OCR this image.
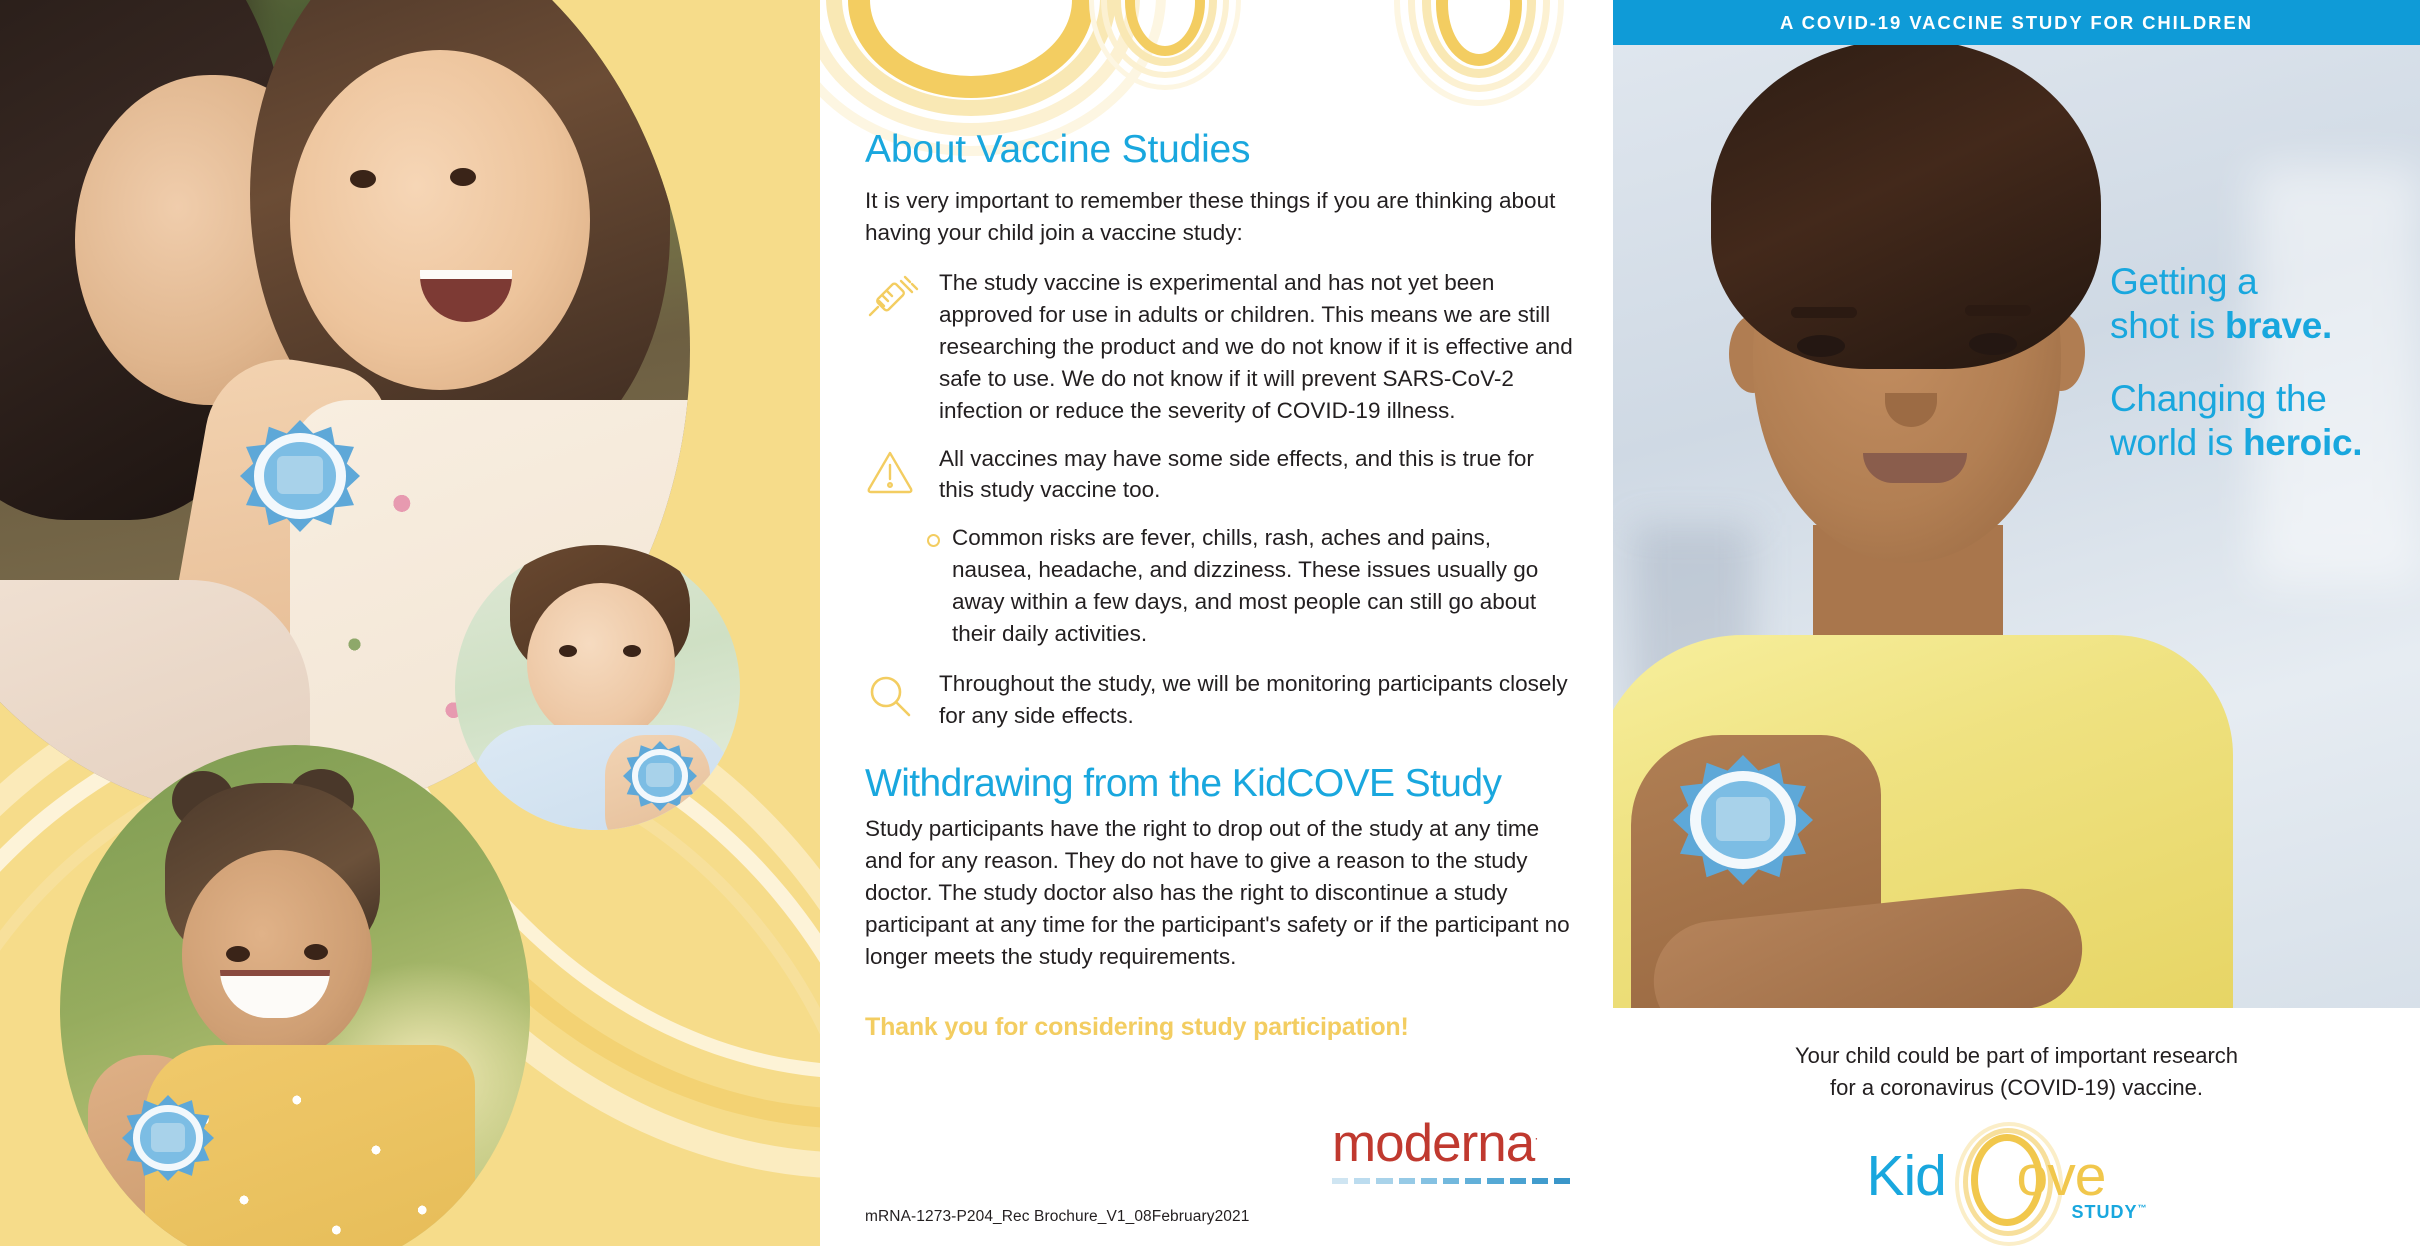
About Vaccine Studies

It is very important to remember these things if you are thinking about having your child join a vaccine study:

The study vaccine is experimental and has not yet been approved for use in adults or children. This means we are still researching the product and we do not know if it is effective and safe to use. We do not know if it will prevent SARS-CoV-2 infection or reduce the severity of COVID-19 illness.
All vaccines may have some side effects, and this is true for this study vaccine too.
Common risks are fever, chills, rash, aches and pains, nausea, headache, and dizziness. These issues usually go away within a few days, and most people can still go about their daily activities.
Throughout the study, we will be monitoring participants closely for any side effects.
Withdrawing from the KidCOVE Study

Study participants have the right to drop out of the study at any time and for any reason. They do not have to give a reason to the study doctor. The study doctor also has the right to discontinue a study participant at any time for the participant's safety or if the participant no longer meets the study requirements.

Thank you for considering study participation!
moderna·
mRNA-1273-P204_Rec Brochure_V1_08February2021
A COVID-19 VACCINE STUDY FOR CHILDREN
Getting a
shot is brave.
Changing the
world is heroic.
Your child could be part of important research
for a coronavirus (COVID-19) vaccine.
Kid ove
STUDY™
